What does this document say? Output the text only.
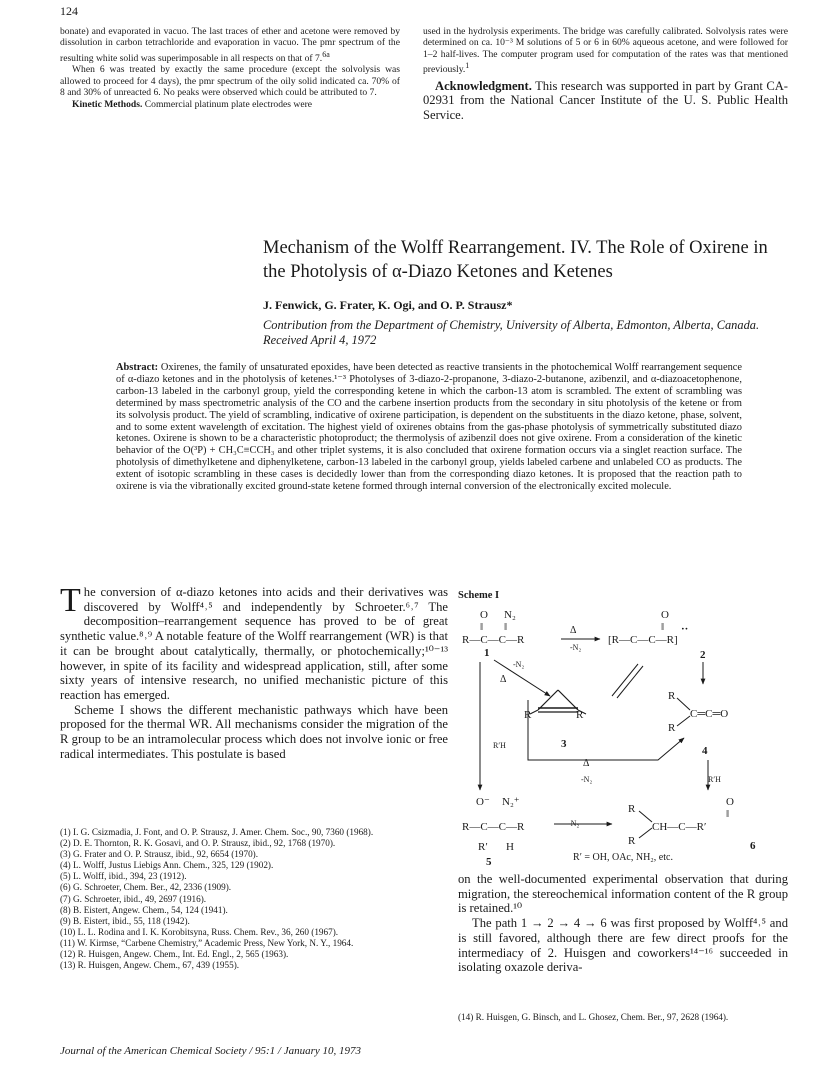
124

bonate) and evaporated in vacuo. The last traces of ether and acetone were removed by dissolution in carbon tetrachloride and evaporation in vacuo. The pmr spectrum of the resulting white solid was superimposable in all respects on that of 7.$^{6a}$

When 6 was treated by exactly the same procedure (except the solvolysis was allowed to proceed for 4 days), the pmr spectrum of the oily solid indicated ca. 70% of 8 and 30% of unreacted 6. No peaks were observed which could be attributed to 7.

Kinetic Methods. Commercial platinum plate electrodes were

used in the hydrolysis experiments. The bridge was carefully calibrated. Solvolysis rates were determined on ca. 10⁻³ M solutions of 5 or 6 in 60% aqueous acetone, and were followed for 1–2 half-lives. The computer program used for computation of the rates was that mentioned previously.$^1$

Acknowledgment. This research was supported in part by Grant CA-02931 from the National Cancer Institute of the U. S. Public Health Service.

Mechanism of the Wolff Rearrangement. IV. The Role of Oxirene in the Photolysis of α-Diazo Ketones and Ketenes
J. Fenwick, G. Frater, K. Ogi, and O. P. Strausz*
Contribution from the Department of Chemistry, University of Alberta, Edmonton, Alberta, Canada. Received April 4, 1972
Abstract: Oxirenes, the family of unsaturated epoxides, have been detected as reactive transients in the photochemical Wolff rearrangement sequence of α-diazo ketones and in the photolysis of ketenes.¹⁻³ Photolyses of 3-diazo-2-propanone, 3-diazo-2-butanone, azibenzil, and α-diazoacetophenone, carbon-13 labeled in the carbonyl group, yield the corresponding ketene in which the carbon-13 atom is scrambled. The extent of scrambling was determined by mass spectrometric analysis of the CO and the carbene insertion products from the secondary in situ photolysis of the ketene or from its solvolysis product. The yield of scrambling, indicative of oxirene participation, is dependent on the substituents in the diazo ketone, phase, solvent, and to some extent wavelength of excitation. The highest yield of oxirenes obtains from the gas-phase photolysis of symmetrically substituted diazo ketones. Oxirene is shown to be a characteristic photoproduct; the thermolysis of azibenzil does not give oxirene. From a consideration of the kinetic behavior of the O(³P) + CH₃C≡CCH₃ and other triplet systems, it is also concluded that oxirene formation occurs via a singlet reaction surface. The photolysis of dimethylketene and diphenylketene, carbon-13 labeled in the carbonyl group, yields labeled carbene and unlabeled CO as products. The extent of isotopic scrambling in these cases is decidedly lower than from the corresponding diazo ketones. It is proposed that the reaction path to oxirene is via the vibrationally excited ground-state ketene formed through internal conversion of the electronically excited molecule.

The conversion of α-diazo ketones into acids and their derivatives was discovered by Wolff⁴˒⁵ and independently by Schroeter.⁶˒⁷ The decomposition–rearrangement sequence has proved to be of great synthetic value.⁸˒⁹ A notable feature of the Wolff rearrangement (WR) is that it can be brought about catalytically, thermally, or photochemically;¹⁰⁻¹³ however, in spite of its facility and widespread application, still, after some sixty years of intensive research, no unified mechanistic picture of this reaction has emerged.

Scheme I shows the different mechanistic pathways which have been proposed for the thermal WR. All mechanisms consider the migration of the R group to be an intramolecular process which does not involve ionic or free radical intermediates. This postulate is based

(1) I. G. Csizmadia, J. Font, and O. P. Strausz, J. Amer. Chem. Soc., 90, 7360 (1968).
(2) D. E. Thornton, R. K. Gosavi, and O. P. Strausz, ibid., 92, 1768 (1970).
(3) G. Frater and O. P. Strausz, ibid., 92, 6654 (1970).
(4) L. Wolff, Justus Liebigs Ann. Chem., 325, 129 (1902).
(5) L. Wolff, ibid., 394, 23 (1912).
(6) G. Schroeter, Chem. Ber., 42, 2336 (1909).
(7) G. Schroeter, ibid., 49, 2697 (1916).
(8) B. Eistert, Angew. Chem., 54, 124 (1941).
(9) B. Eistert, ibid., 55, 118 (1942).
(10) L. L. Rodina and I. K. Korobitsyna, Russ. Chem. Rev., 36, 260 (1967).
(11) W. Kirmse, “Carbene Chemistry,” Academic Press, New York, N. Y., 1964.
(12) R. Huisgen, Angew. Chem., Int. Ed. Engl., 2, 565 (1963).
(13) R. Huisgen, Angew. Chem., 67, 439 (1955).
Scheme I
O N₂
‖ ‖
R—C—C—R
1
Δ
-N₂
O
‖ ··
[R—C—C—R]
2
-N₂
Δ
R	R
3
R
R
C═C═O
4
R′H
Δ
-N₂	R′H
O⁻ N₂⁺
R—C—C—R
R′ H
5
-N₂
O
‖
R
R
CH—C—R′
6
R′ = OH, OAc, NH₂, etc.

on the well-documented experimental observation that during migration, the stereochemical information content of the R group is retained.¹⁰

The path 1 → 2 → 4 → 6 was first proposed by Wolff⁴˒⁵ and is still favored, although there are few direct proofs for the intermediacy of 2. Huisgen and coworkers¹⁴⁻¹⁶ succeeded in isolating oxazole deriva-

(14) R. Huisgen, G. Binsch, and L. Ghosez, Chem. Ber., 97, 2628 (1964).
Journal of the American Chemical Society / 95:1 / January 10, 1973
